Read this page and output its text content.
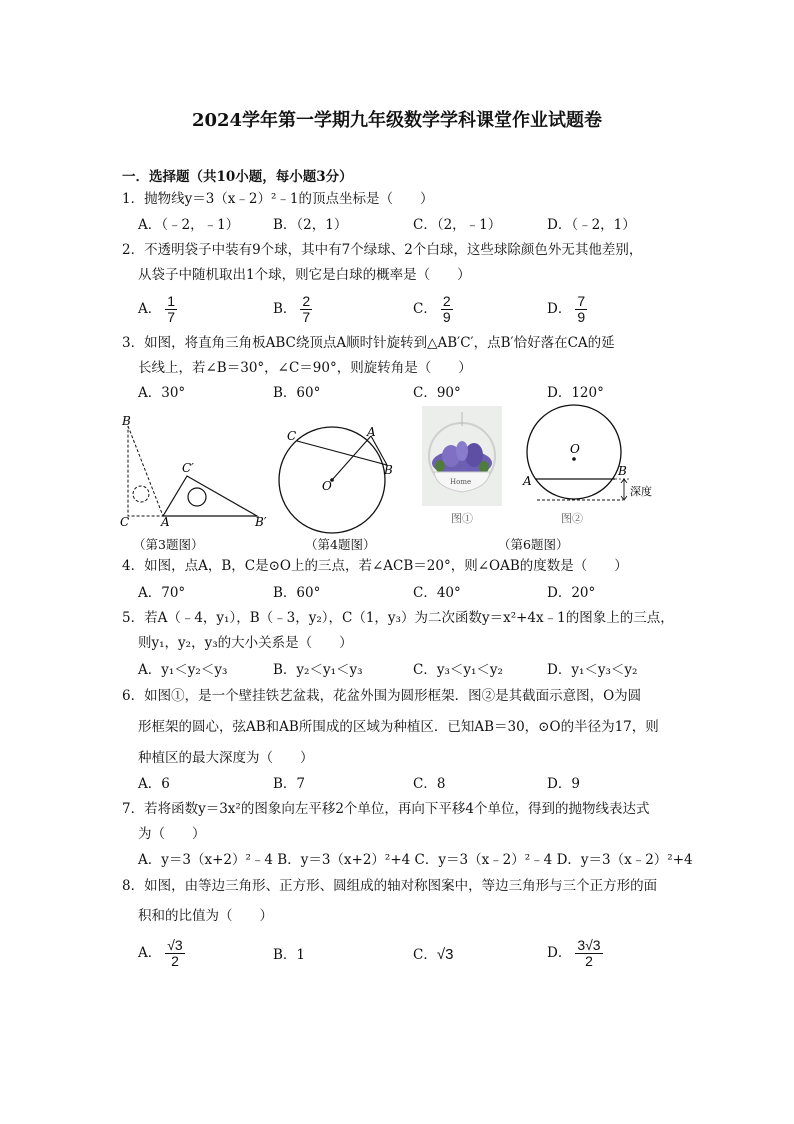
2024学年第一学期九年级数学学科课堂作业试题卷
一．选择题（共10小题，每小题3分）
1．抛物线y＝3（x﹣2）²﹣1的顶点坐标是（　　）
A．（﹣2，﹣1）	B．（2，1）	C．（2，﹣1）	D．（﹣2，1）
2．不透明袋子中装有9个球，其中有7个绿球、2个白球，这些球除颜色外无其他差别，
从袋子中随机取出1个球，则它是白球的概率是（　　）
A． $\frac{1}{7}$	B． $\frac{2}{7}$	C． $\frac{2}{9}$	D． $\frac{7}{9}$
3．如图，将直角三角板ABC绕顶点A顺时针旋转到△AB′C′，点B′恰好落在CA的延
长线上，若∠B＝30°，∠C＝90°，则旋转角是（　　）
A．30°	B．60°	C．90°	D．120°
B
C	A
C′
B′
（第3题图）
C	A
B
O
（第4题图）
Home
图①
O
A
B
深度
图②
（第6题图）
4．如图，点A，B，C是⊙O上的三点，若∠ACB＝20°，则∠OAB的度数是（　　）
A．70°	B．60°	C．40°	D．20°
5．若A（﹣4，y₁），B（﹣3，y₂），C（1，y₃）为二次函数y＝x²+4x﹣1的图象上的三点，
则y₁，y₂，y₃的大小关系是（　　）
A．y₁＜y₂＜y₃	B．y₂＜y₁＜y₃	C．y₃＜y₁＜y₂	D．y₁＜y₃＜y₂
6．如图①，是一个壁挂铁艺盆栽，花盆外围为圆形框架．图②是其截面示意图，O为圆
形框架的圆心，弦AB和AB所围成的区域为种植区．已知AB＝30，⊙O的半径为17，则
种植区的最大深度为（　　）
A．6	B．7	C．8	D．9
7．若将函数y＝3x²的图象向左平移2个单位，再向下平移4个单位，得到的抛物线表达式
为（　　）
A．y＝3（x+2）²﹣4 B．y＝3（x+2）²+4 C．y＝3（x﹣2）²﹣4 D．y＝3（x﹣2）²+4
8．如图，由等边三角形、正方形、圆组成的轴对称图案中，等边三角形与三个正方形的面
积和的比值为（　　）
A． $\frac{√3}{2}$	B．1	C．√3	D． $\frac{3√3}{2}$
